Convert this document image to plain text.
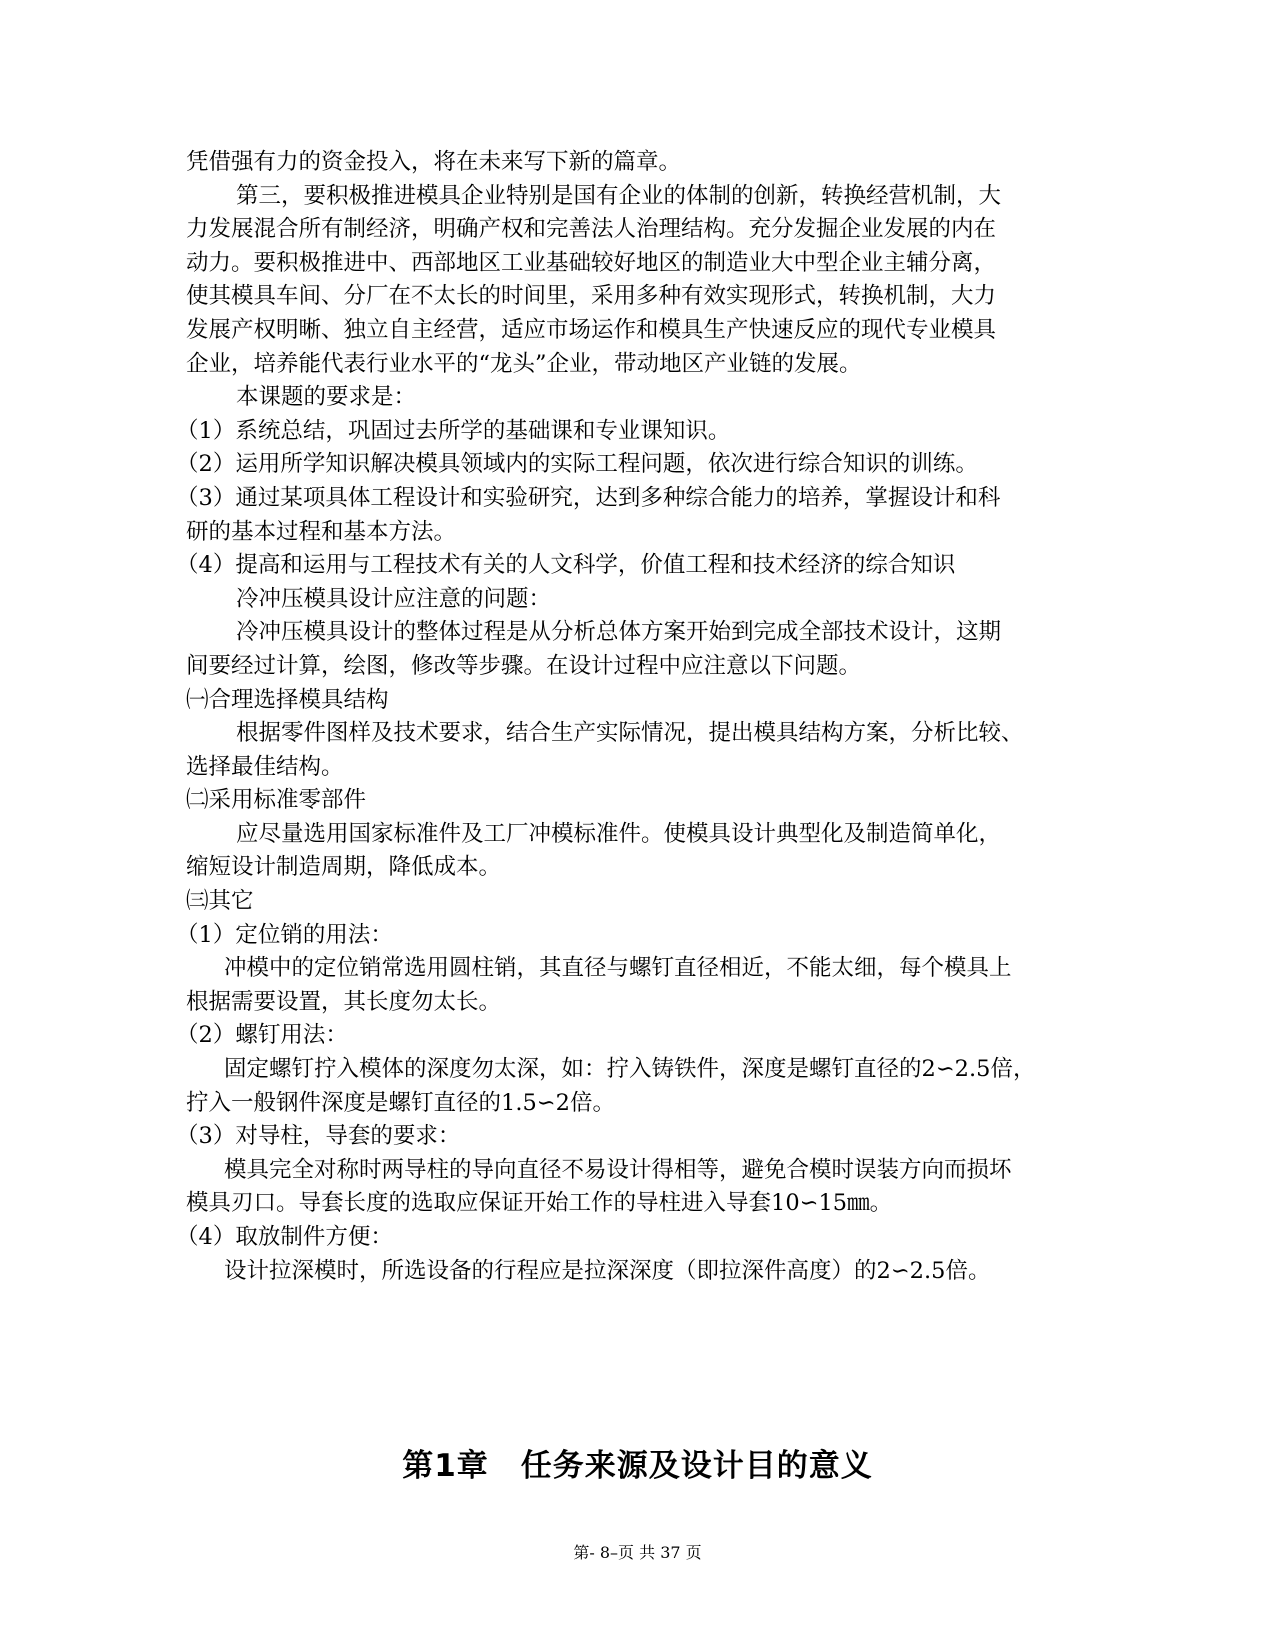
凭借强有力的资金投入，将在未来写下新的篇章。
第三，要积极推进模具企业特别是国有企业的体制的创新，转换经营机制，大
力发展混合所有制经济，明确产权和完善法人治理结构。充分发掘企业发展的内在
动力。要积极推进中、西部地区工业基础较好地区的制造业大中型企业主辅分离，
使其模具车间、分厂在不太长的时间里，采用多种有效实现形式，转换机制，大力
发展产权明晰、独立自主经营，适应市场运作和模具生产快速反应的现代专业模具
企业，培养能代表行业水平的“龙头”企业，带动地区产业链的发展。
本课题的要求是：
（1）系统总结，巩固过去所学的基础课和专业课知识。
（2）运用所学知识解决模具领域内的实际工程问题，依次进行综合知识的训练。
（3）通过某项具体工程设计和实验研究，达到多种综合能力的培养，掌握设计和科
研的基本过程和基本方法。
（4）提高和运用与工程技术有关的人文科学，价值工程和技术经济的综合知识
冷冲压模具设计应注意的问题：
冷冲压模具设计的整体过程是从分析总体方案开始到完成全部技术设计，这期
间要经过计算，绘图，修改等步骤。在设计过程中应注意以下问题。
㈠合理选择模具结构
根据零件图样及技术要求，结合生产实际情况，提出模具结构方案，分析比较、
选择最佳结构。
㈡采用标准零部件
应尽量选用国家标准件及工厂冲模标准件。使模具设计典型化及制造简单化，
缩短设计制造周期，降低成本。
㈢其它
（1）定位销的用法：
冲模中的定位销常选用圆柱销，其直径与螺钉直径相近，不能太细，每个模具上
根据需要设置，其长度勿太长。
（2）螺钉用法：
固定螺钉拧入模体的深度勿太深，如：拧入铸铁件，深度是螺钉直径的2∽2.5倍，
拧入一般钢件深度是螺钉直径的1.5∽2倍。
（3）对导柱，导套的要求：
模具完全对称时两导柱的导向直径不易设计得相等，避免合模时误装方向而损坏
模具刃口。导套长度的选取应保证开始工作的导柱进入导套10∽15㎜。
（4）取放制件方便：
设计拉深模时，所选设备的行程应是拉深深度（即拉深件高度）的2∽2.5倍。
第1章　任务来源及设计目的意义
第- 8–页 共 37 页
